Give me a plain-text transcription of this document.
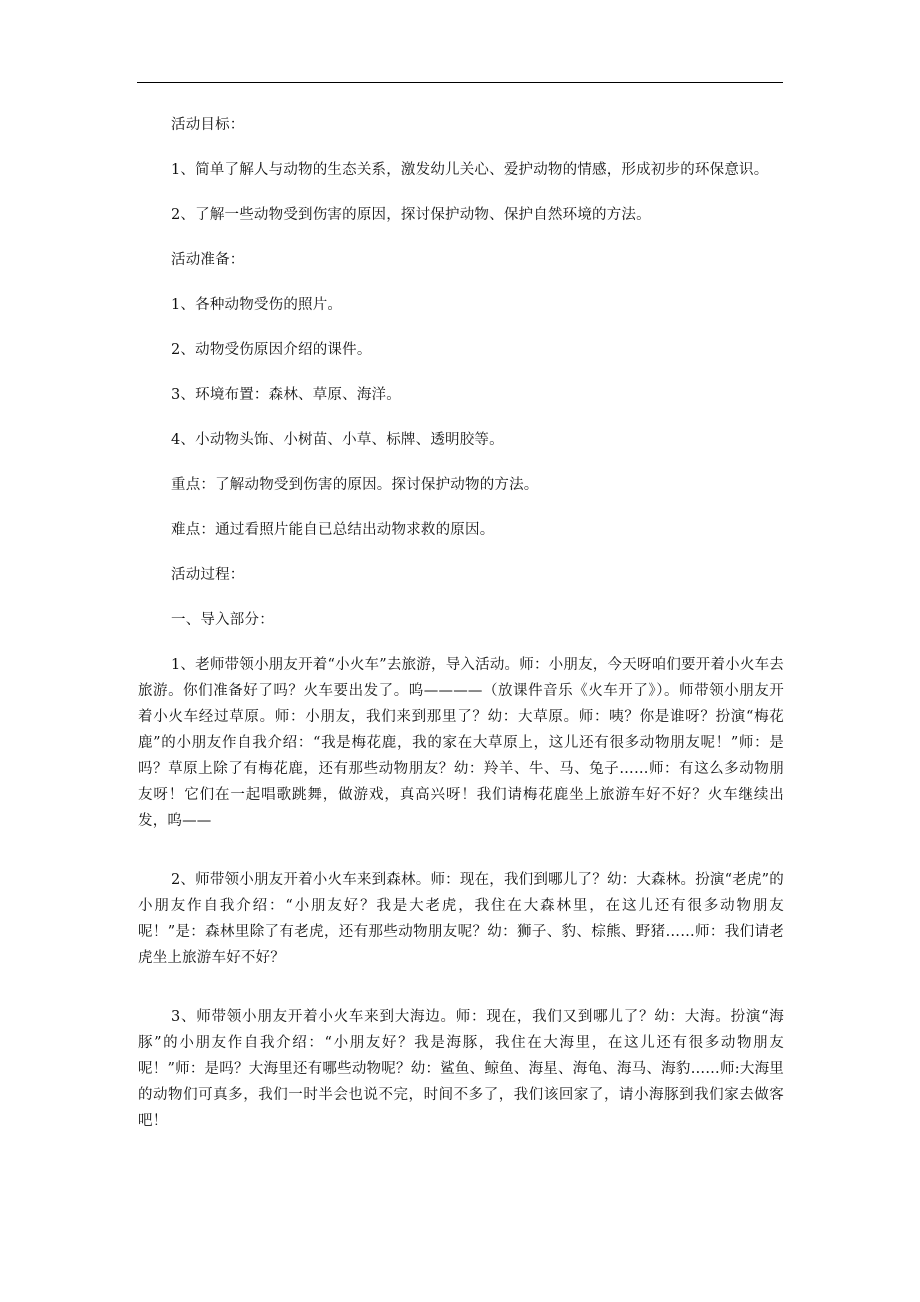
活动目标：

1、简单了解人与动物的生态关系，激发幼儿关心、爱护动物的情感，形成初步的环保意识。

2、了解一些动物受到伤害的原因，探讨保护动物、保护自然环境的方法。

活动准备：

1、各种动物受伤的照片。

2、动物受伤原因介绍的课件。

3、环境布置：森林、草原、海洋。

4、小动物头饰、小树苗、小草、标牌、透明胶等。

重点：了解动物受到伤害的原因。探讨保护动物的方法。

难点：通过看照片能自已总结出动物求救的原因。

活动过程：

一、导入部分：

1、老师带领小朋友开着“小火车”去旅游，导入活动。师：小朋友，今天呀咱们要开着小火车去旅游。你们准备好了吗？火车要出发了。呜————（放课件音乐《火车开了》）。师带领小朋友开着小火车经过草原。师：小朋友，我们来到那里了？幼：大草原。师：咦？你是谁呀？扮演“梅花鹿”的小朋友作自我介绍：“我是梅花鹿，我的家在大草原上，这儿还有很多动物朋友呢！”师：是吗？草原上除了有梅花鹿，还有那些动物朋友？幼：羚羊、牛、马、兔子……师：有这么多动物朋友呀！它们在一起唱歌跳舞，做游戏，真高兴呀！我们请梅花鹿坐上旅游车好不好？火车继续出发，呜——

2、师带领小朋友开着小火车来到森林。师：现在，我们到哪儿了？幼：大森林。扮演“老虎”的小朋友作自我介绍：“小朋友好？我是大老虎，我住在大森林里，在这儿还有很多动物朋友呢！”是：森林里除了有老虎，还有那些动物朋友呢？幼：狮子、豹、棕熊、野猪……师：我们请老虎坐上旅游车好不好？

3、师带领小朋友开着小火车来到大海边。师：现在，我们又到哪儿了？幼：大海。扮演“海豚”的小朋友作自我介绍：“小朋友好？我是海豚，我住在大海里，在这儿还有很多动物朋友呢！”师：是吗？大海里还有哪些动物呢？幼：鲨鱼、鲸鱼、海星、海龟、海马、海豹……师:大海里的动物们可真多，我们一时半会也说不完，时间不多了，我们该回家了，请小海豚到我们家去做客吧！
